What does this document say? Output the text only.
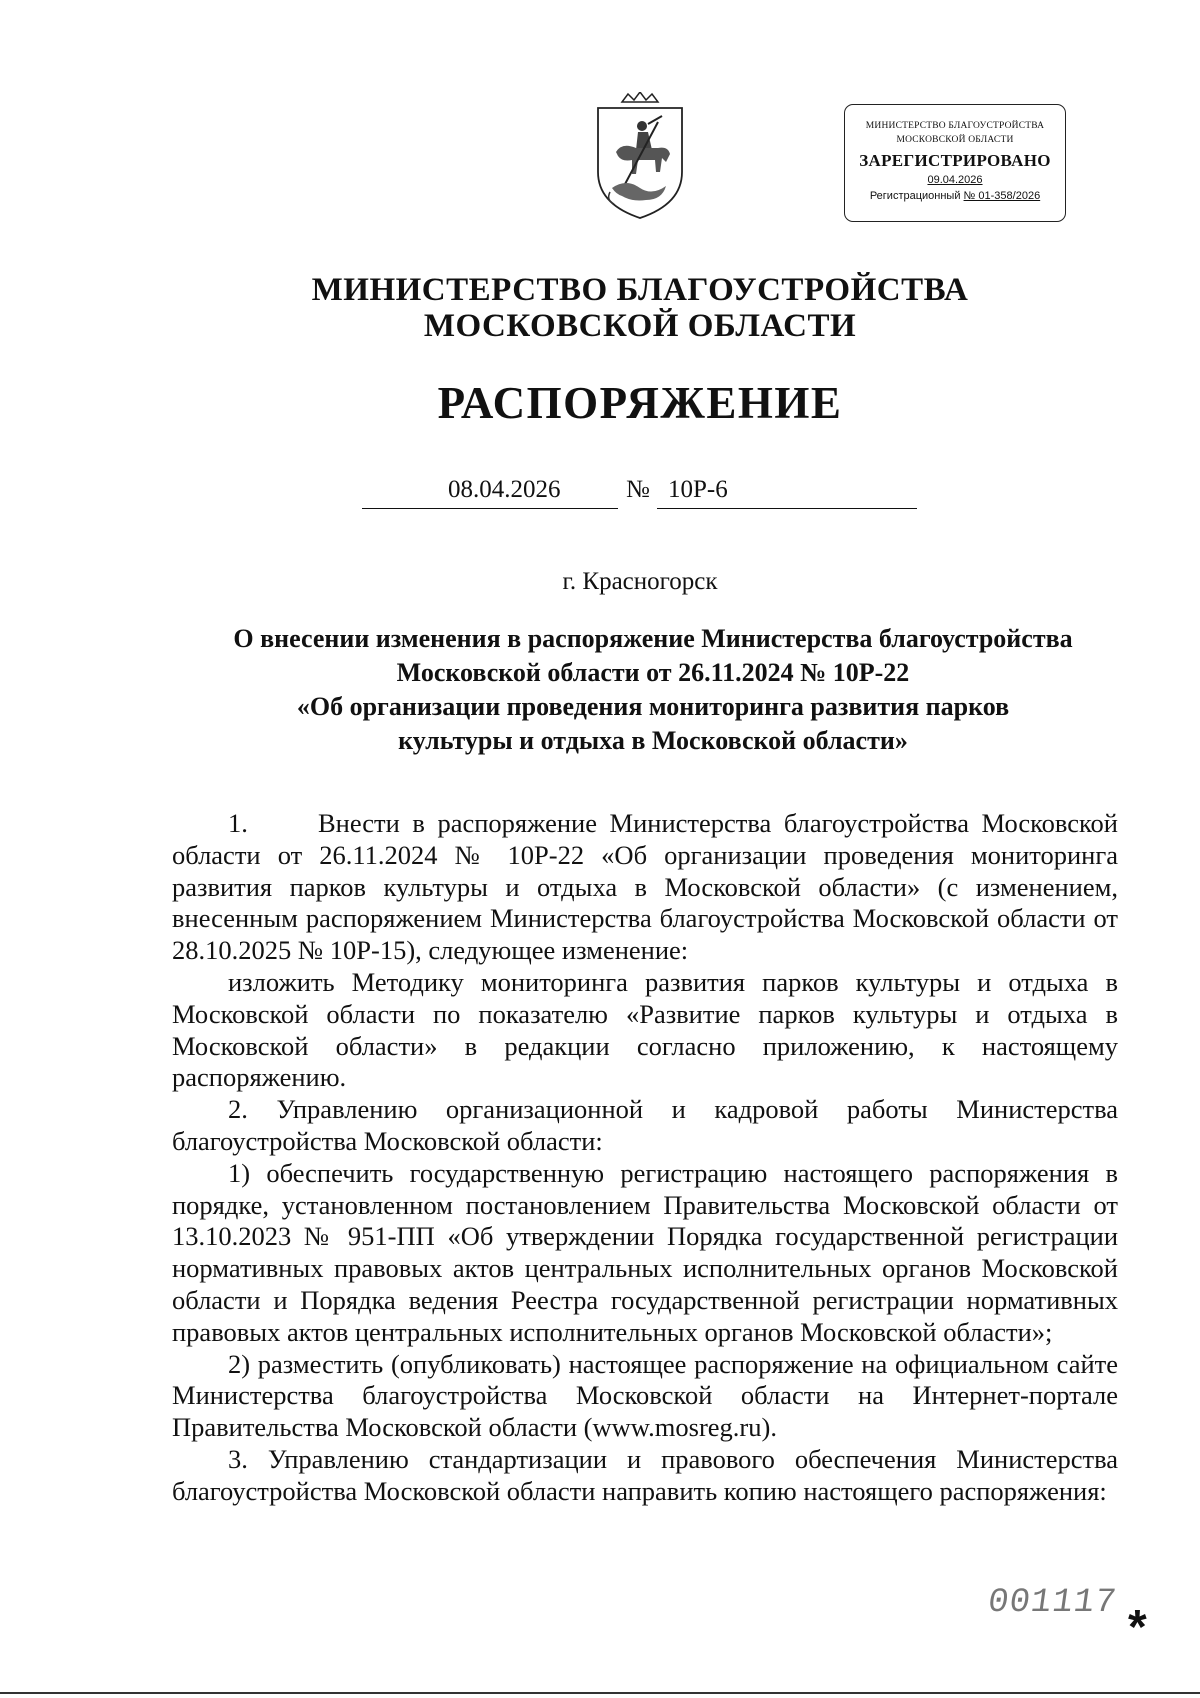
МИНИСТЕРСТВО БЛАГОУСТРОЙСТВА
МОСКОВСКОЙ ОБЛАСТИ
ЗАРЕГИСТРИРОВАНО
09.04.2026
Регистрационный № 01-358/2026
МИНИСТЕРСТВО БЛАГОУСТРОЙСТВА
МОСКОВСКОЙ ОБЛАСТИ
РАСПОРЯЖЕНИЕ
08.04.2026	№ 10Р-6
г. Красногорск
О внесении изменения в распоряжение Министерства благоустройства
Московской области от 26.11.2024 № 10Р-22
«Об организации проведения мониторинга развития парков
культуры и отдыха в Московской области»

1.	Внести в распоряжение Министерства благоустройства Московской области от 26.11.2024 № 10Р-22 «Об организации проведения мониторинга развития парков культуры и отдыха в Московской области» (с изменением, внесенным распоряжением Министерства благоустройства Московской области от 28.10.2025 № 10Р-15), следующее изменение:

изложить Методику мониторинга развития парков культуры и отдыха в Московской области по показателю «Развитие парков культуры и отдыха в Московской области» в редакции согласно приложению, к настоящему распоряжению.

2. Управлению организационной и кадровой работы Министерства благоустройства Московской области:

1) обеспечить государственную регистрацию настоящего распоряжения в порядке, установленном постановлением Правительства Московской области от 13.10.2023 № 951-ПП «Об утверждении Порядка государственной регистрации нормативных правовых актов центральных исполнительных органов Московской области и Порядка ведения Реестра государственной регистрации нормативных правовых актов центральных исполнительных органов Московской области»;

2) разместить (опубликовать) настоящее распоряжение на официальном сайте Министерства благоустройства Московской области на Интернет-портале Правительства Московской области (www.mosreg.ru).

3. Управлению стандартизации и правового обеспечения Министерства благоустройства Московской области направить копию настоящего распоряжения:

001117 *
